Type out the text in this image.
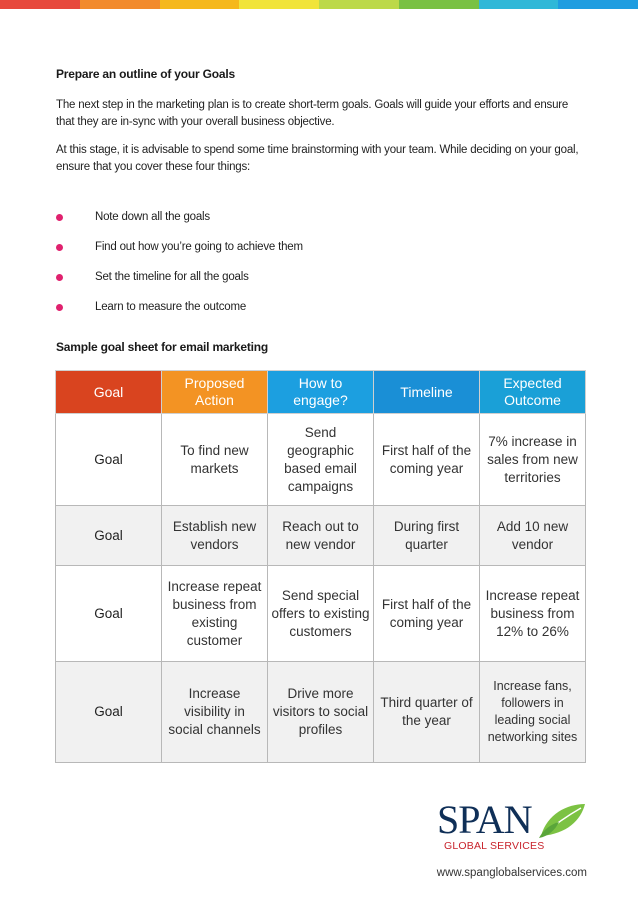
Prepare an outline of your Goals
The next step in the marketing plan is to create short-term goals. Goals will guide your efforts and ensure that they are in-sync with your overall business objective.
At this stage, it is advisable to spend some time brainstorming with your team. While deciding on your goal, ensure that you cover these four things:
Note down all the goals
Find out how you’re going to achieve them
Set the timeline for all the goals
Learn to measure the outcome
Sample goal sheet for email marketing
Goal	Proposed Action	How to engage?	Timeline	Expected Outcome
Goal	To find new markets	Send geographic based email campaigns	First half of the coming year	7% increase in sales from new territories
Goal	Establish new vendors	Reach out to new vendor	During first quarter	Add 10 new vendor
Goal	Increase repeat business from existing customer	Send special offers to existing customers	First half of the coming year	Increase repeat business from 12% to 26%
Goal	Increase visibility in social channels	Drive more visitors to social profiles	Third quarter of the year	Increase fans, followers in leading social networking sites
SPAN
GLOBAL SERVICES
www.spanglobalservices.com
